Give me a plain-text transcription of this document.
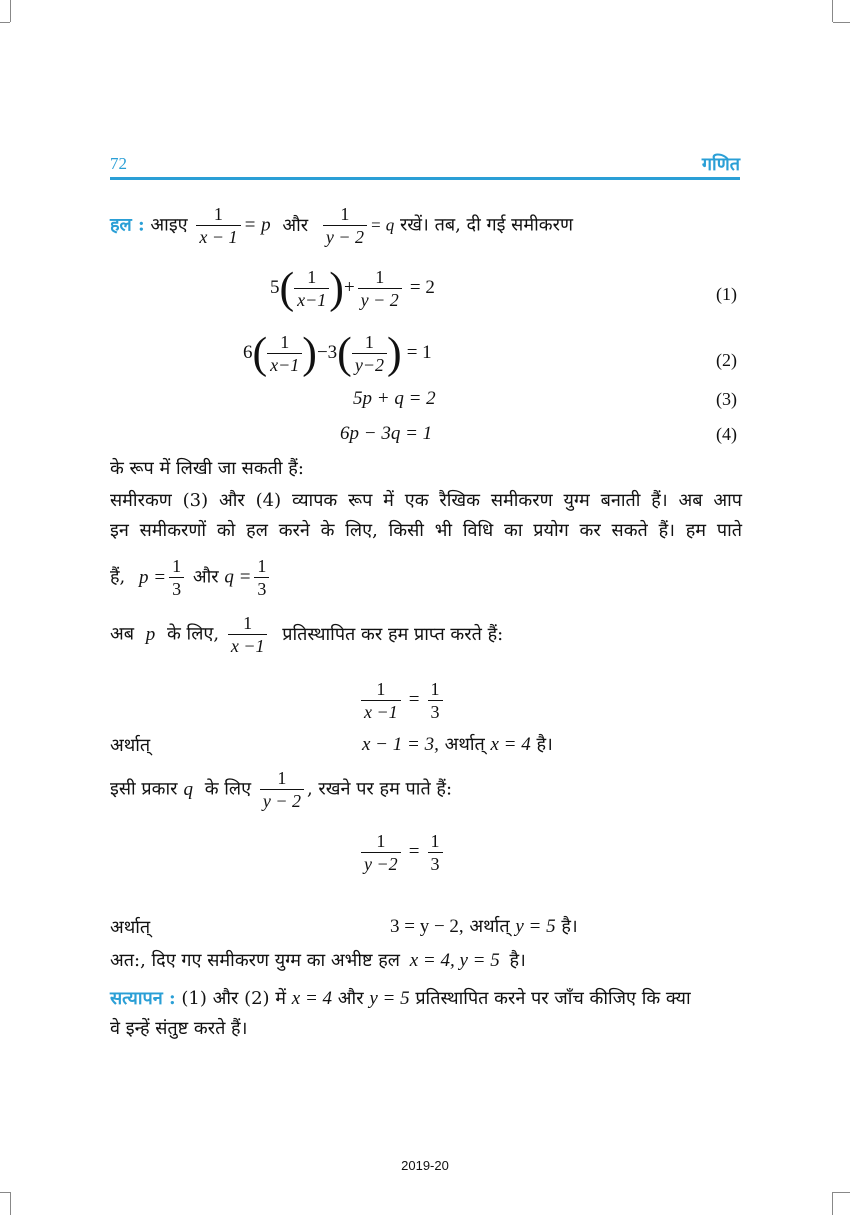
72	गणित
हल : आइए $\frac{1}{x - 1} = p$ और $\frac{1}{y - 2} = q$ रखें। तब, दी गई समीकरण
$5( \frac{1}{x-1}$ )+ $\frac{1}{y - 2} = 2$	(1)
$6( \frac{1}{x-1} )-3( \frac{1}{y-2}$ ) = 1	(2)
5p + q = 2	(3)
6p − 3q = 1	(4)
के रूप में लिखी जा सकती हैं:
समीरकण (3) और (4) व्यापक रूप में एक रैखिक समीकरण युग्म बनाती हैं। अब आप
इन समीकरणों को हल करने के लिए, किसी भी विधि का प्रयोग कर सकते हैं। हम पाते
हैं, $p = \frac{1}{3}$ और $q = \frac{1}{3}$
अब p के लिए, $\frac{1}{x -1}$ प्रतिस्थापित कर हम प्राप्त करते हैं:
$\frac{1}{x -1} = \frac{1}{3}$
अर्थात्	x − 1 = 3, अर्थात् x = 4 है।
इसी प्रकार q के लिए $\frac{1}{y - 2}$ , रखने पर हम पाते हैं:
$\frac{1}{y -2} = \frac{1}{3}$
अर्थात्	3 = y − 2, अर्थात् y = 5 है।
अत:, दिए गए समीकरण युग्म का अभीष्ट हल x = 4, y = 5 है।
सत्यापन : (1) और (2) में x = 4 और y = 5 प्रतिस्थापित करने पर जाँच कीजिए कि क्या
वे इन्हें संतुष्ट करते हैं।
2019-20
